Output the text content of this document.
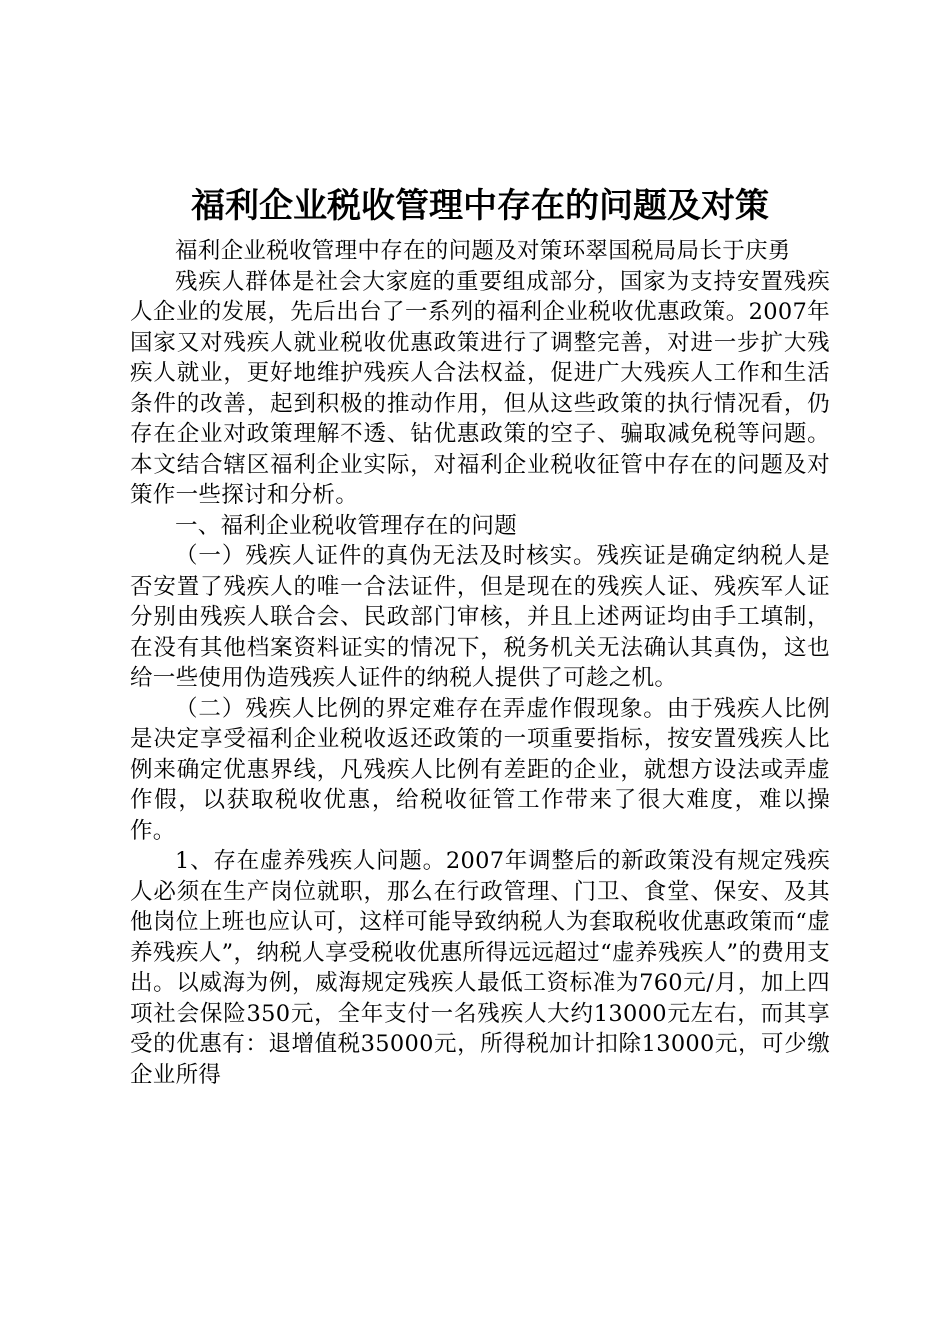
福利企业税收管理中存在的问题及对策

福利企业税收管理中存在的问题及对策环翠国税局局长于庆勇

残疾人群体是社会大家庭的重要组成部分，国家为支持安置残疾人企业的发展，先后出台了一系列的福利企业税收优惠政策。2007年国家又对残疾人就业税收优惠政策进行了调整完善，对进一步扩大残疾人就业，更好地维护残疾人合法权益，促进广大残疾人工作和生活条件的改善，起到积极的推动作用，但从这些政策的执行情况看，仍存在企业对政策理解不透、钻优惠政策的空子、骗取减免税等问题。本文结合辖区福利企业实际，对福利企业税收征管中存在的问题及对策作一些探讨和分析。

一、福利企业税收管理存在的问题

（一）残疾人证件的真伪无法及时核实。残疾证是确定纳税人是否安置了残疾人的唯一合法证件，但是现在的残疾人证、残疾军人证分别由残疾人联合会、民政部门审核，并且上述两证均由手工填制，在没有其他档案资料证实的情况下，税务机关无法确认其真伪，这也给一些使用伪造残疾人证件的纳税人提供了可趁之机。

（二）残疾人比例的界定难存在弄虚作假现象。由于残疾人比例是决定享受福利企业税收返还政策的一项重要指标，按安置残疾人比例来确定优惠界线，凡残疾人比例有差距的企业，就想方设法或弄虚作假，以获取税收优惠，给税收征管工作带来了很大难度，难以操作。

1、存在虚养残疾人问题。2007年调整后的新政策没有规定残疾人必须在生产岗位就职，那么在行政管理、门卫、食堂、保安、及其他岗位上班也应认可，这样可能导致纳税人为套取税收优惠政策而“虚养残疾人”，纳税人享受税收优惠所得远远超过“虚养残疾人”的费用支出。以威海为例，威海规定残疾人最低工资标准为760元/月，加上四项社会保险350元，全年支付一名残疾人大约13000元左右，而其享受的优惠有：退增值税35000元，所得税加计扣除13000元，可少缴企业所得
